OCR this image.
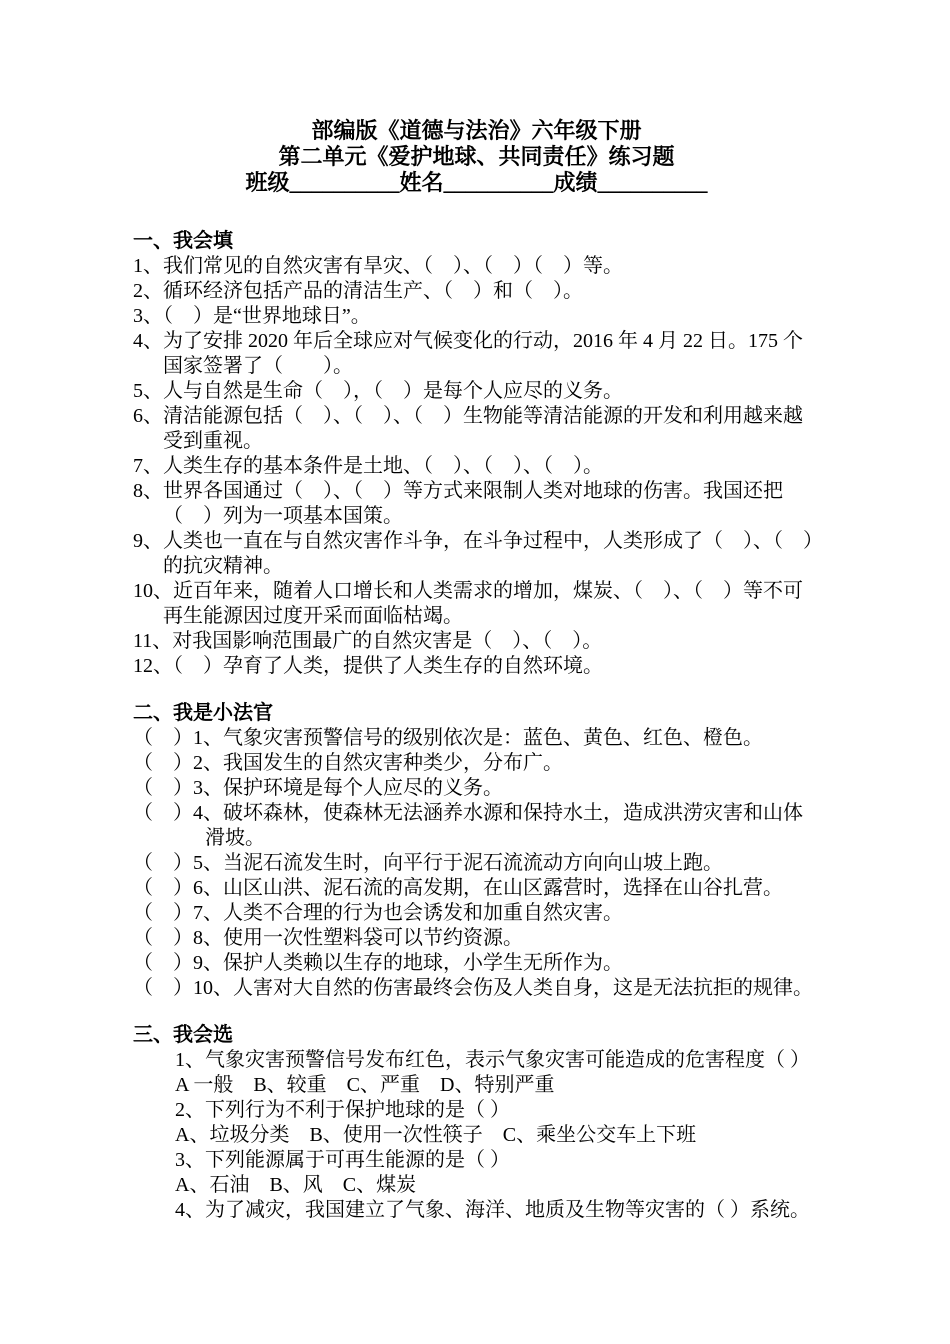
部编版《道德与法治》六年级下册
第二单元《爱护地球、共同责任》练习题
班级__________姓名__________成绩__________
一、我会填
1、我们常见的自然灾害有旱灾、（　）、（　）（　）等。
2、循环经济包括产品的清洁生产、（　）和（　）。
3、（　）是“世界地球日”。
4、为了安排 2020 年后全球应对气候变化的行动，2016 年 4 月 22 日。175 个国家签署了（　　）。
5、人与自然是生命（　），（　）是每个人应尽的义务。
6、清洁能源包括（　）、（　）、（　）生物能等清洁能源的开发和利用越来越受到重视。
7、人类生存的基本条件是土地、（　）、（　）、（　）。
8、世界各国通过（　）、（　）等方式来限制人类对地球的伤害。我国还把（　）列为一项基本国策。
9、人类也一直在与自然灾害作斗争，在斗争过程中，人类形成了（　）、（　）的抗灾精神。
10、近百年来，随着人口增长和人类需求的增加，煤炭、（　）、（　）等不可再生能源因过度开采而面临枯竭。
11、对我国影响范围最广的自然灾害是（　）、（　）。
12、（　）孕育了人类，提供了人类生存的自然环境。
二、我是小法官
（　）1、气象灾害预警信号的级别依次是：蓝色、黄色、红色、橙色。
（　）2、我国发生的自然灾害种类少，分布广。
（　）3、保护环境是每个人应尽的义务。
（　）4、破坏森林，使森林无法涵养水源和保持水土，造成洪涝灾害和山体滑坡。
（　）5、当泥石流发生时，向平行于泥石流流动方向向山坡上跑。
（　）6、山区山洪、泥石流的高发期，在山区露营时，选择在山谷扎营。
（　）7、人类不合理的行为也会诱发和加重自然灾害。
（　）8、使用一次性塑料袋可以节约资源。
（　）9、保护人类赖以生存的地球，小学生无所作为。
（　）10、人害对大自然的伤害最终会伤及人类自身，这是无法抗拒的规律。
三、我会选
1、气象灾害预警信号发布红色，表示气象灾害可能造成的危害程度（ ）
A 一般　B、较重　C、严重　D、特别严重
2、下列行为不利于保护地球的是（ ）
A、垃圾分类　B、使用一次性筷子　C、乘坐公交车上下班
3、下列能源属于可再生能源的是（ ）
A、石油　B、风　C、煤炭
4、为了减灾，我国建立了气象、海洋、地质及生物等灾害的（ ）系统。
